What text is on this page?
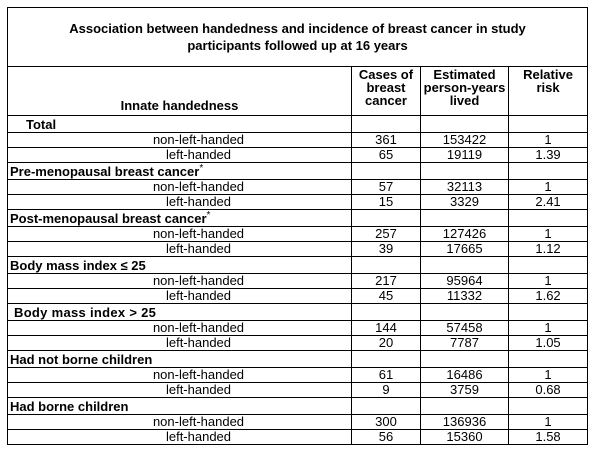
Association between handedness and incidence of breast cancer in study participants followed up at 16 years			
Innate handedness	Cases of breast cancer	Estimated person-years lived	Relative risk
Total			
non-left-handed	361	153422	1
left-handed	65	19119	1.39
Pre-menopausal breast cancer*			
non-left-handed	57	32113	1
left-handed	15	3329	2.41
Post-menopausal breast cancer*			
non-left-handed	257	127426	1
left-handed	39	17665	1.12
Body mass index ≤ 25			
non-left-handed	217	95964	1
left-handed	45	11332	1.62
Body mass index > 25			
non-left-handed	144	57458	1
left-handed	20	7787	1.05
Had not borne children			
non-left-handed	61	16486	1
left-handed	9	3759	0.68
Had borne children			
non-left-handed	300	136936	1
left-handed	56	15360	1.58
